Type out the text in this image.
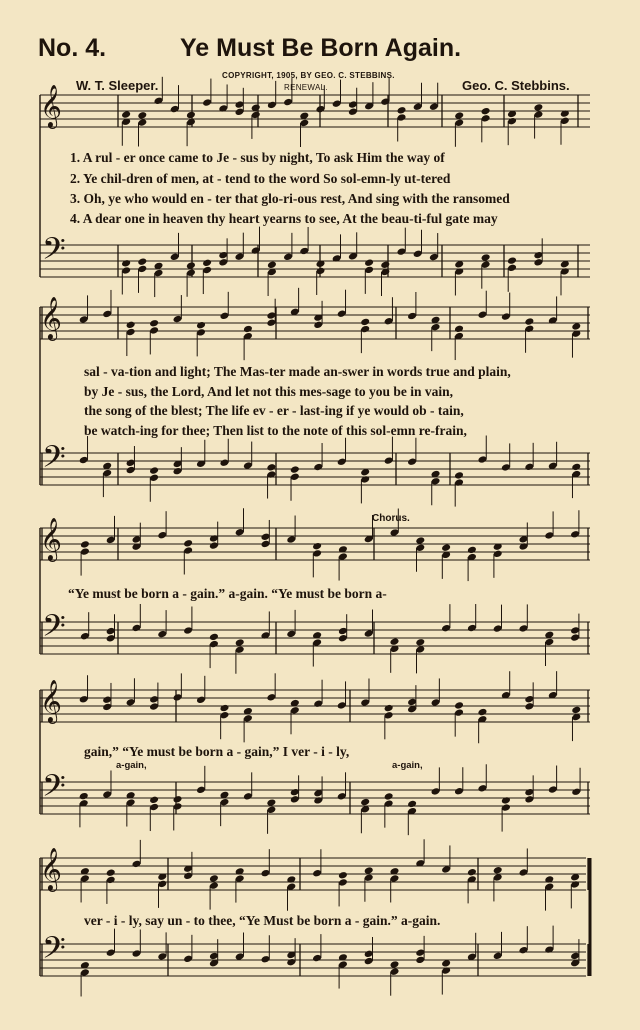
No. 4.	Ye Must Be Born Again.
COPYRIGHT, 1905, BY GEO. C. STEBBINS.
RENEWAL.
W. T. Sleeper.	Geo. C. Stebbins.
𝄞
𝄢
𝄞
𝄢
𝄞
𝄢
𝄞
𝄢
𝄞
𝄢
1. A rul - er once came to Je - sus by night, To ask Him the way of
2. Ye chil-dren of men, at - tend to the word So sol-emn-ly ut-tered
3. Oh, ye who would en - ter that glo-ri-ous rest, And sing with the ransomed
4. A dear one in heaven thy heart yearns to see, At the beau-ti-ful gate may
sal - va-tion and light; The Mas-ter made an-swer in words true and plain,
by Je - sus, the Lord, And let not this mes-sage to you be in vain,
the song of the blest; The life ev - er - last-ing if ye would ob - tain,
be watch-ing for thee; Then list to the note of this sol-emn re-frain,
Chorus.
“Ye must be born a - gain.” a-gain. “Ye must be born a-
gain,” “Ye must be born a - gain,” I ver - i - ly,
a-gain,	a-gain,
ver - i - ly, say un - to thee, “Ye Must be born a - gain.” a-gain.
